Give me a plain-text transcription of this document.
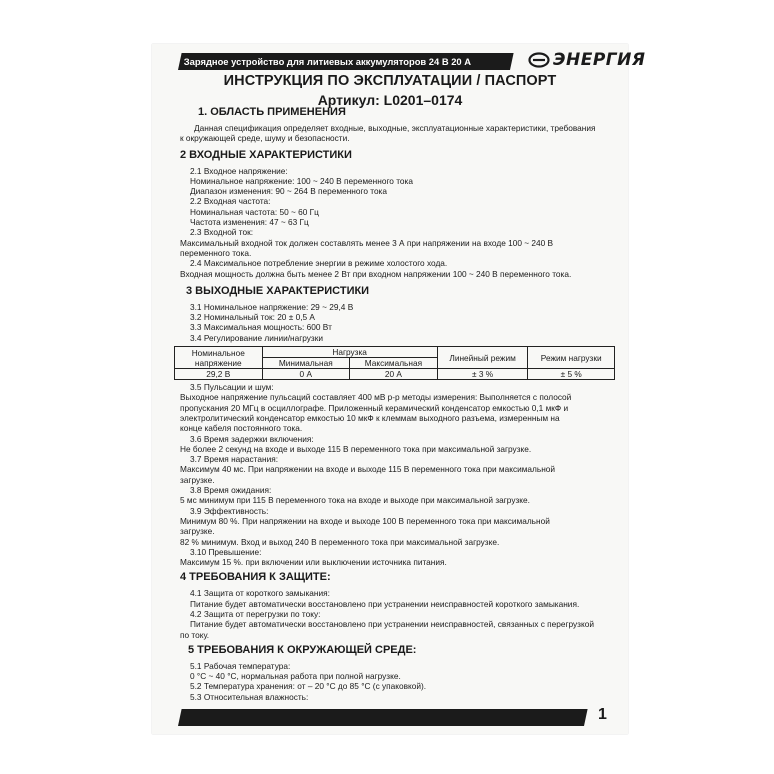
Зарядное устройство для литиевых аккумуляторов 24 В 20 А	ЭНЕРГИЯ
ИНСТРУКЦИЯ ПО ЭКСПЛУАТАЦИИ / ПАСПОРТ
Артикул: L0201–0174
1. ОБЛАСТЬ ПРИМЕНЕНИЯ

Данная спецификация определяет входные, выходные, эксплуатационные характеристики, требования

к окружающей среде, шуму и безопасности.

2 ВХОДНЫЕ ХАРАКТЕРИСТИКИ

2.1 Входное напряжение:

Номинальное напряжение: 100 ~ 240 В переменного тока

Диапазон изменения: 90 ~ 264 В переменного тока

2.2 Входная частота:

Номинальная частота: 50 ~ 60 Гц

Частота изменения: 47 ~ 63 Гц

2.3 Входной ток:

Максимальный входной ток должен составлять менее 3 А при напряжении на входе 100 ~ 240 В

переменного тока.

2.4 Максимальное потребление энергии в режиме холостого хода.

Входная мощность должна быть менее 2 Вт при входном напряжении 100 ~ 240 В переменного тока.

3 ВЫХОДНЫЕ ХАРАКТЕРИСТИКИ

3.1 Номинальное напряжение: 29 ~ 29,4 В

3.2 Номинальный ток: 20 ± 0,5 А

3.3 Максимальная мощность: 600 Вт

3.4 Регулирование линии/нагрузки

Номинальное напряжение	Нагрузка		Линейный режим	Режим нагрузки
	Минимальная	Максимальная		
29,2 В	0 А	20 А	± 3 %	± 5 %

3.5 Пульсации и шум:

Выходное напряжение пульсаций составляет 400 мВ р-р методы измерения: Выполняется с полосой

пропускания 20 МГц в осциллографе. Приложенный керамический конденсатор емкостью 0,1 мкФ и

электролитический конденсатор емкостью 10 мкФ к клеммам выходного разъема, измеренным на

конце кабеля постоянного тока.

3.6 Время задержки включения:

Не более 2 секунд на входе и выходе 115 В переменного тока при максимальной загрузке.

3.7 Время нарастания:

Максимум 40 мс. При напряжении на входе и выходе 115 В переменного тока при максимальной

загрузке.

3.8 Время ожидания:

5 мс минимум при 115 В переменного тока на входе и выходе при максимальной загрузке.

3.9 Эффективность:

Минимум 80 %. При напряжении на входе и выходе 100 В переменного тока при максимальной

загрузке.

82 % минимум. Вход и выход 240 В переменного тока при максимальной загрузке.

3.10 Превышение:

Максимум 15 %. при включении или выключении источника питания.

4 ТРЕБОВАНИЯ К ЗАЩИТЕ:

4.1 Защита от короткого замыкания:

Питание будет автоматически восстановлено при устранении неисправностей короткого замыкания.

4.2 Защита от перегрузки по току:

Питание будет автоматически восстановлено при устранении неисправностей, связанных с перегрузкой

по току.

5 ТРЕБОВАНИЯ К ОКРУЖАЮЩЕЙ СРЕДЕ:

5.1 Рабочая температура:

0 °C ~ 40 °C, нормальная работа при полной нагрузке.

5.2 Температура хранения: от – 20 °C до 85 °C (с упаковкой).

5.3 Относительная влажность:

1
